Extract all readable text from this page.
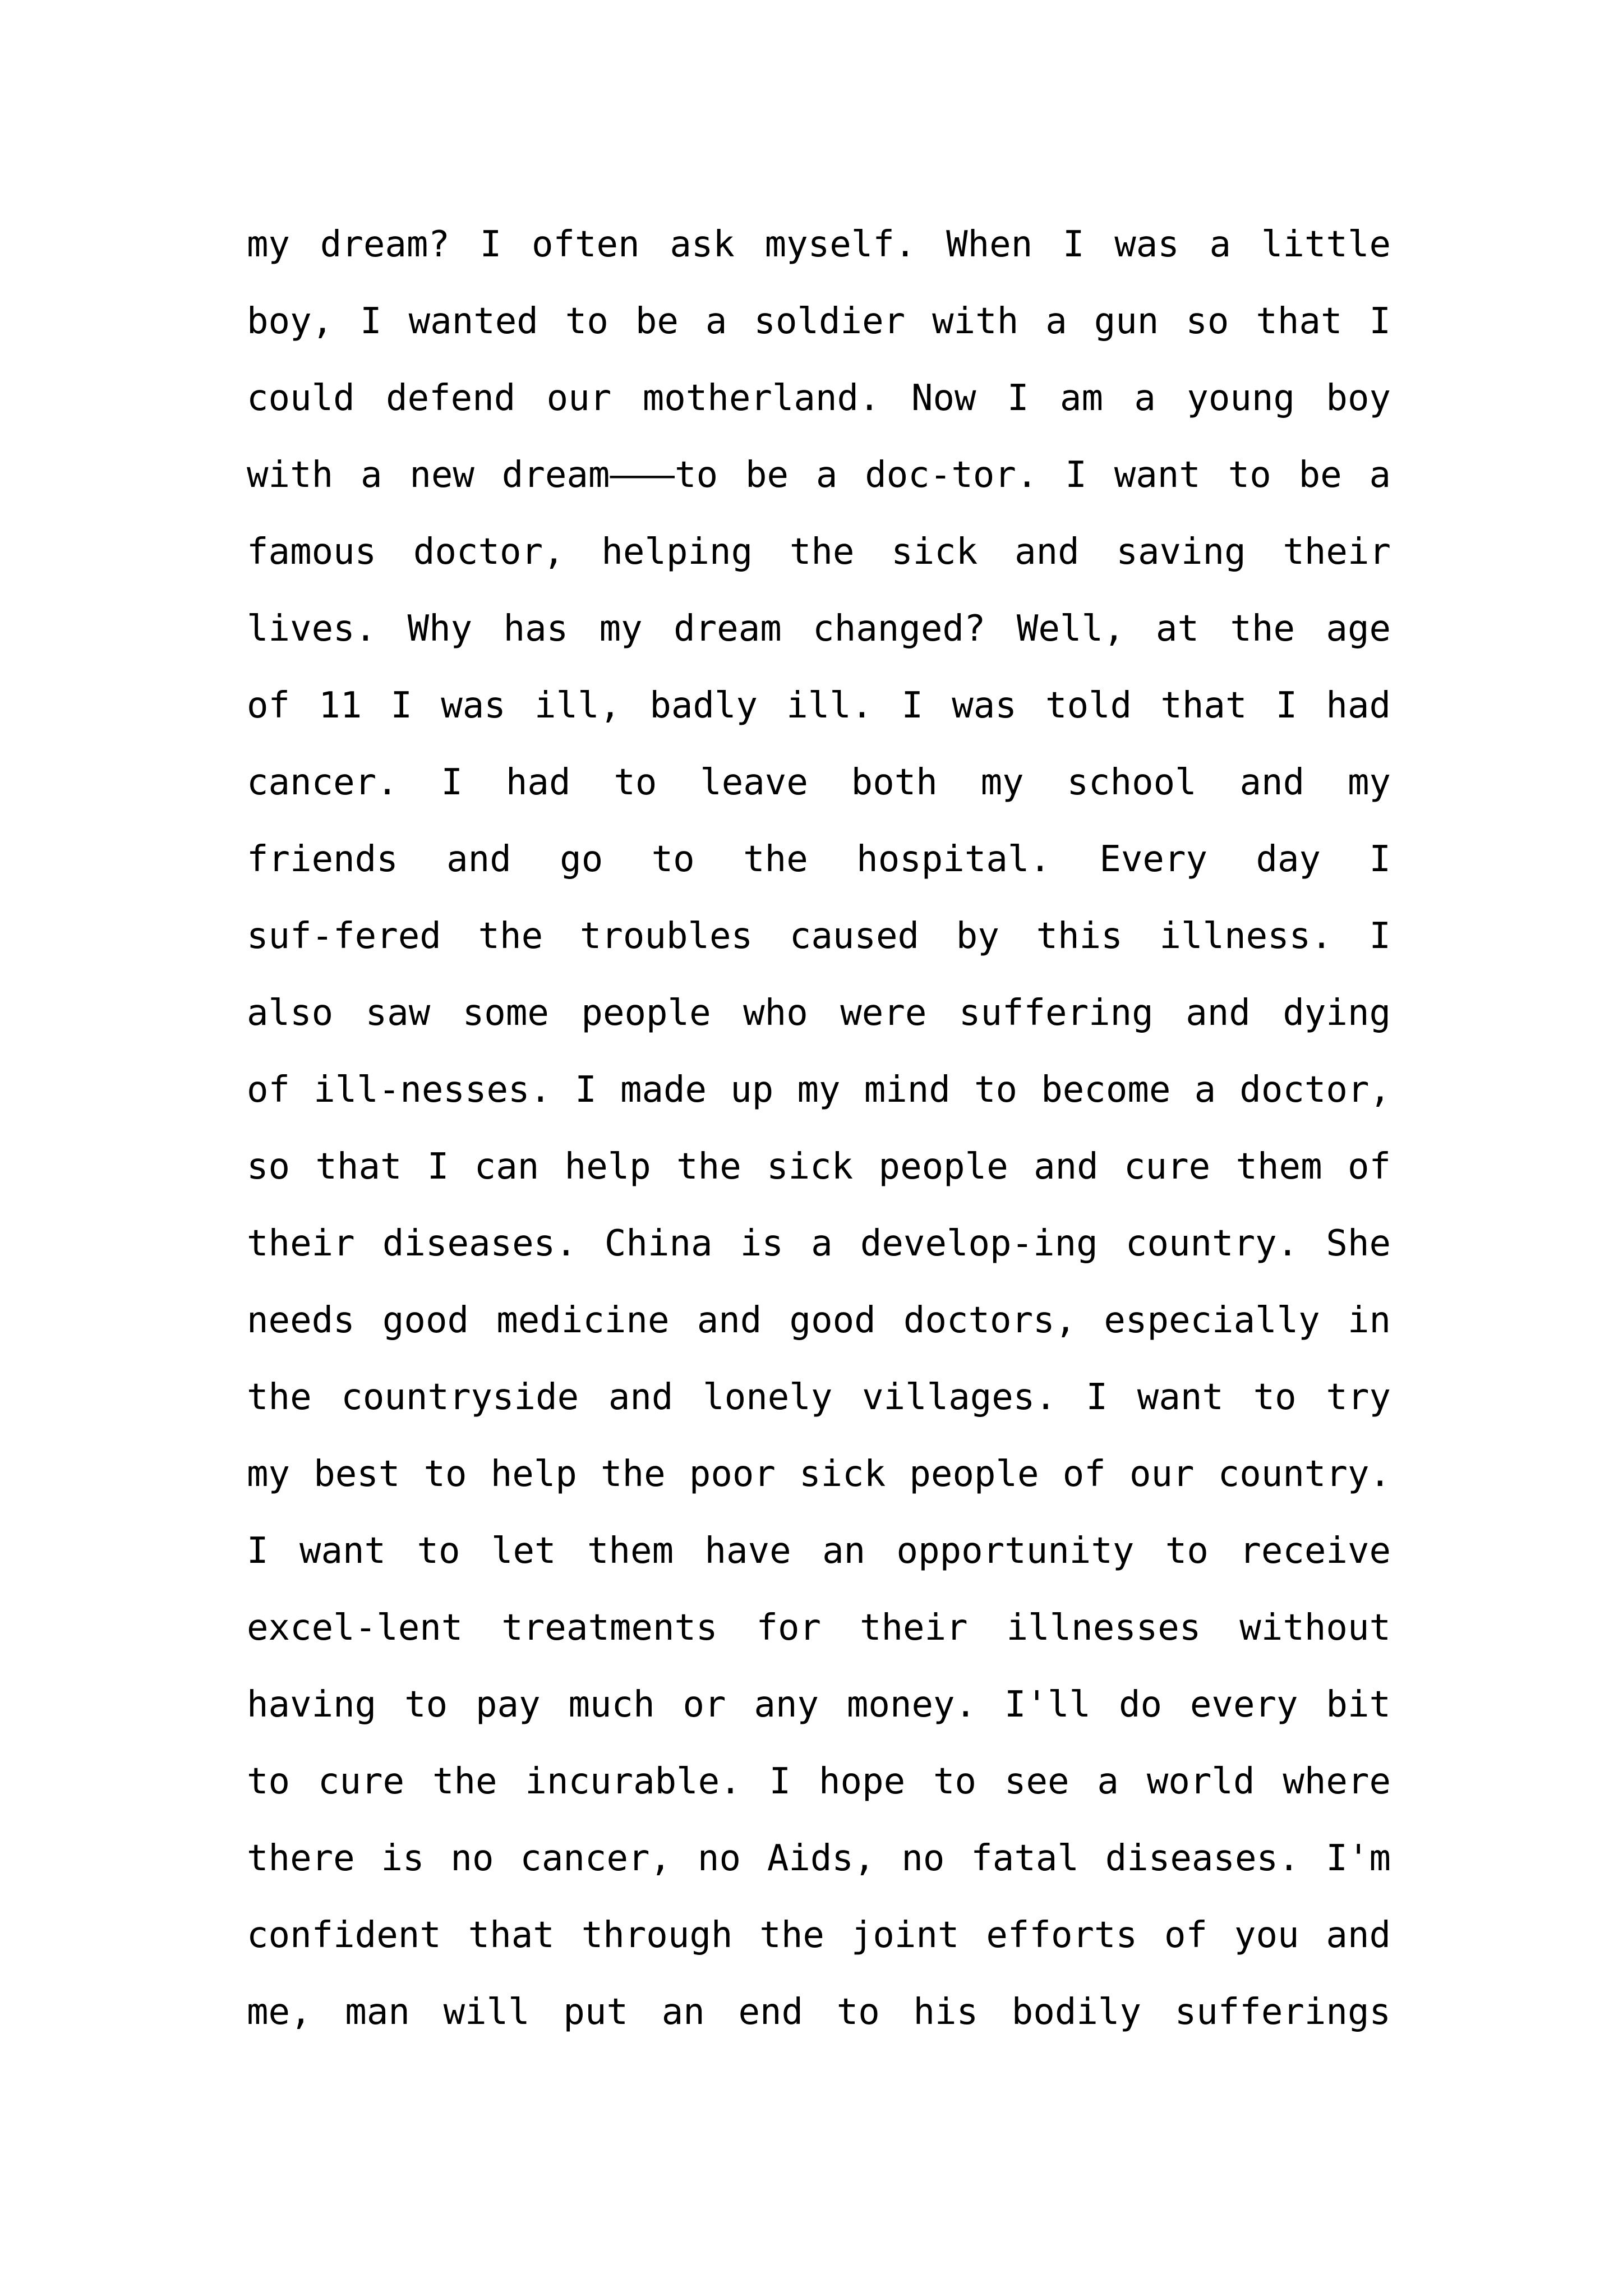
my dream? I often ask myself. When I was a little
boy, I wanted to be a soldier with a gun so that I
could defend our motherland. Now I am a young boy
with a new dream———to be a doc-tor. I want to be a
famous doctor, helping the sick and saving their
lives. Why has my dream changed? Well, at the age
of 11 I was ill, badly ill. I was told that I had
cancer. I had to leave both my school and my
friends and go to the hospital. Every day I
suf-fered the troubles caused by this illness. I
also saw some people who were suffering and dying
of ill-nesses. I made up my mind to become a doctor,
so that I can help the sick people and cure them of
their diseases. China is a develop-ing country. She
needs good medicine and good doctors, especially in
the countryside and lonely villages. I want to try
my best to help the poor sick people of our country.
I want to let them have an opportunity to receive
excel-lent treatments for their illnesses without
having to pay much or any money. I'll do every bit
to cure the incurable. I hope to see a world where
there is no cancer, no Aids, no fatal diseases. I'm
confident that through the joint efforts of you and
me, man will put an end to his bodily sufferings
